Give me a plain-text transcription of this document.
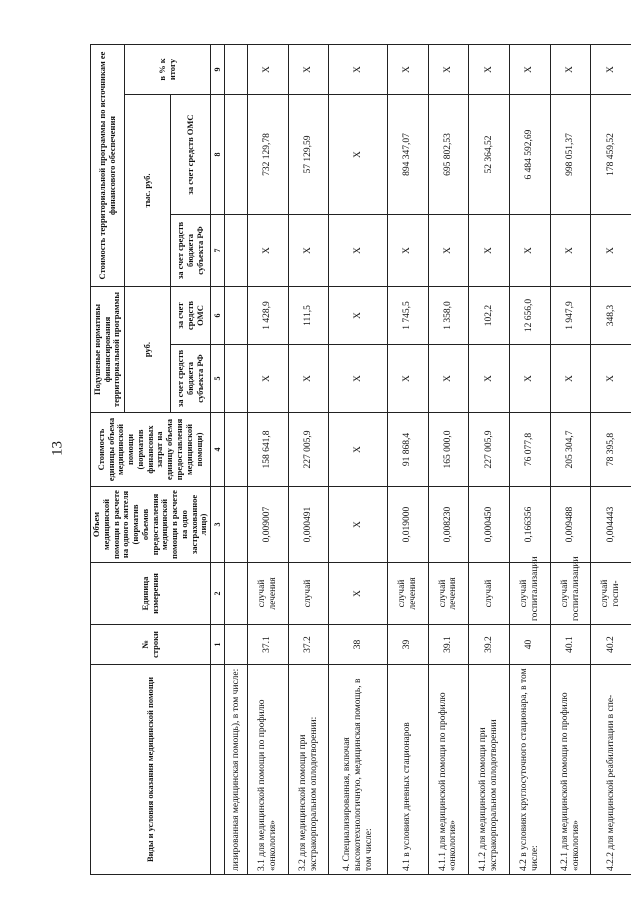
13
Виды и условия оказания медицинской помощи	№ строки	Единица измерения	Объем медицинской помощи в расчете на одного жителя (норматив объемов предоставления медицинской помощи в расчете на одно застрахованное лицо)	Стоимость единицы объема медицинской помощи (норматив финансовых затрат на единицу объема предоставления медицинской помощи)	Подушевые нормативы финансирования территориальной программы		Стоимость территориальной программы по источникам ее финансового обеспечения		
					руб.		тыс. руб.		в % к итогу
					за счет средств бюджета субъекта РФ	за счет средств ОМС	за счет средств бюджета субъекта РФ	за счет средств ОМС	
	1	2	3	4	5	6	7	8	9
лизированная медицинская помощь), в том числе:									
3.1 для медицинской помощи по профилю «онкология»	37.1	случай лечения	0,009007	158 641,8	X	1 428,9	X	732 129,78	X
3.2 для медицинской помощи при экстракорпоральном оплодотворении:	37.2	случай	0,000491	227 005,9	X	111,5	X	57 129,59	X
4. Специализированная, включая высокотехнологичную, медицинская помощь, в том числе:	38	X	X	X	X	X	X	X	X
4.1 в условиях дневных стационаров	39	случай лечения	0,019000	91 868,4	X	1 745,5	X	894 347,07	X
4.1.1 для медицинской помощи по профилю «онкология»	39.1	случай лечения	0,008230	165 000,0	X	1 358,0	X	695 802,53	X
4.1.2 для медицинской помощи при экстракорпоральном оплодотворении	39.2	случай	0,000450	227 005,9	X	102,2	X	52 364,52	X
4.2 в условиях круглосуточного стационара, в том числе:	40	случай госпитализации	0,166356	76 077,8	X	12 656,0	X	6 484 592,69	X
4.2.1 для медицинской помощи по профилю «онкология»	40.1	случай госпитализации	0,009488	205 304,7	X	1 947,9	X	998 051,37	X
4.2.2 для медицинской реабилитации в спе-	40.2	случай госпи-	0,004443	78 395,8	X	348,3	X	178 459,52	X
